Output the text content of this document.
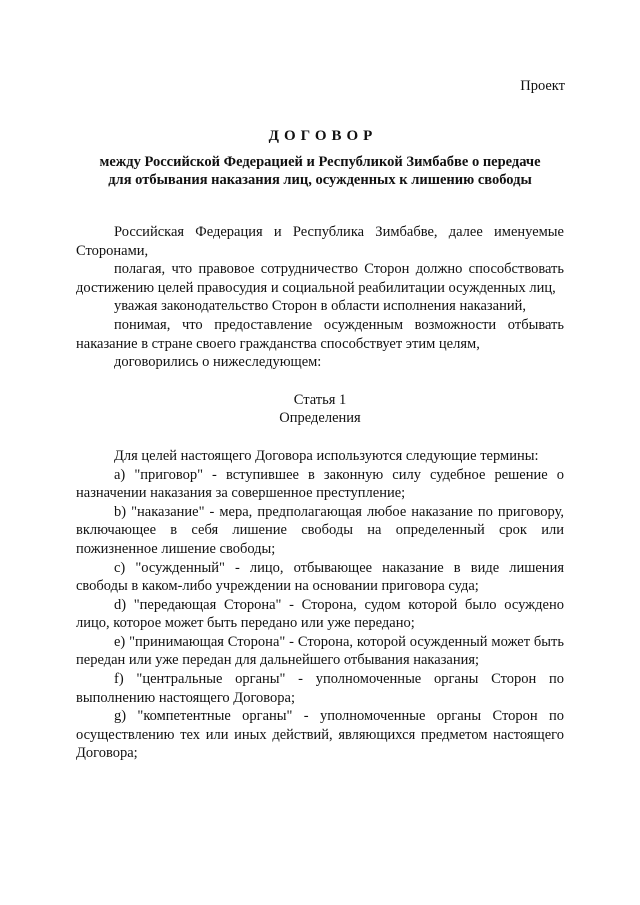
Проект
ДОГОВОР
между Российской Федерацией и Республикой Зимбабве о передаче
для отбывания наказания лиц, осужденных к лишению свободы

Российская Федерация и Республика Зимбабве, далее именуемые Сторонами,

полагая, что правовое сотрудничество Сторон должно способствовать достижению целей правосудия и социальной реабилитации осужденных лиц,

уважая законодательство Сторон в области исполнения наказаний,

понимая, что предоставление осужденным возможности отбывать наказание в стране своего гражданства способствует этим целям,

договорились о нижеследующем:

Статья 1

Определения

Для целей настоящего Договора используются следующие термины:

a) "приговор" - вступившее в законную силу судебное решение о назначении наказания за совершенное преступление;

b) "наказание" - мера, предполагающая любое наказание по приговору, включающее в себя лишение свободы на определенный срок или пожизненное лишение свободы;

c) "осужденный" - лицо, отбывающее наказание в виде лишения свободы в каком-либо учреждении на основании приговора суда;

d) "передающая Сторона" - Сторона, судом которой было осуждено лицо, которое может быть передано или уже передано;

e) "принимающая Сторона" - Сторона, которой осужденный может быть передан или уже передан для дальнейшего отбывания наказания;

f) "центральные органы" - уполномоченные органы Сторон по выполнению настоящего Договора;

g) "компетентные органы" - уполномоченные органы Сторон по осуществлению тех или иных действий, являющихся предметом настоящего Договора;
